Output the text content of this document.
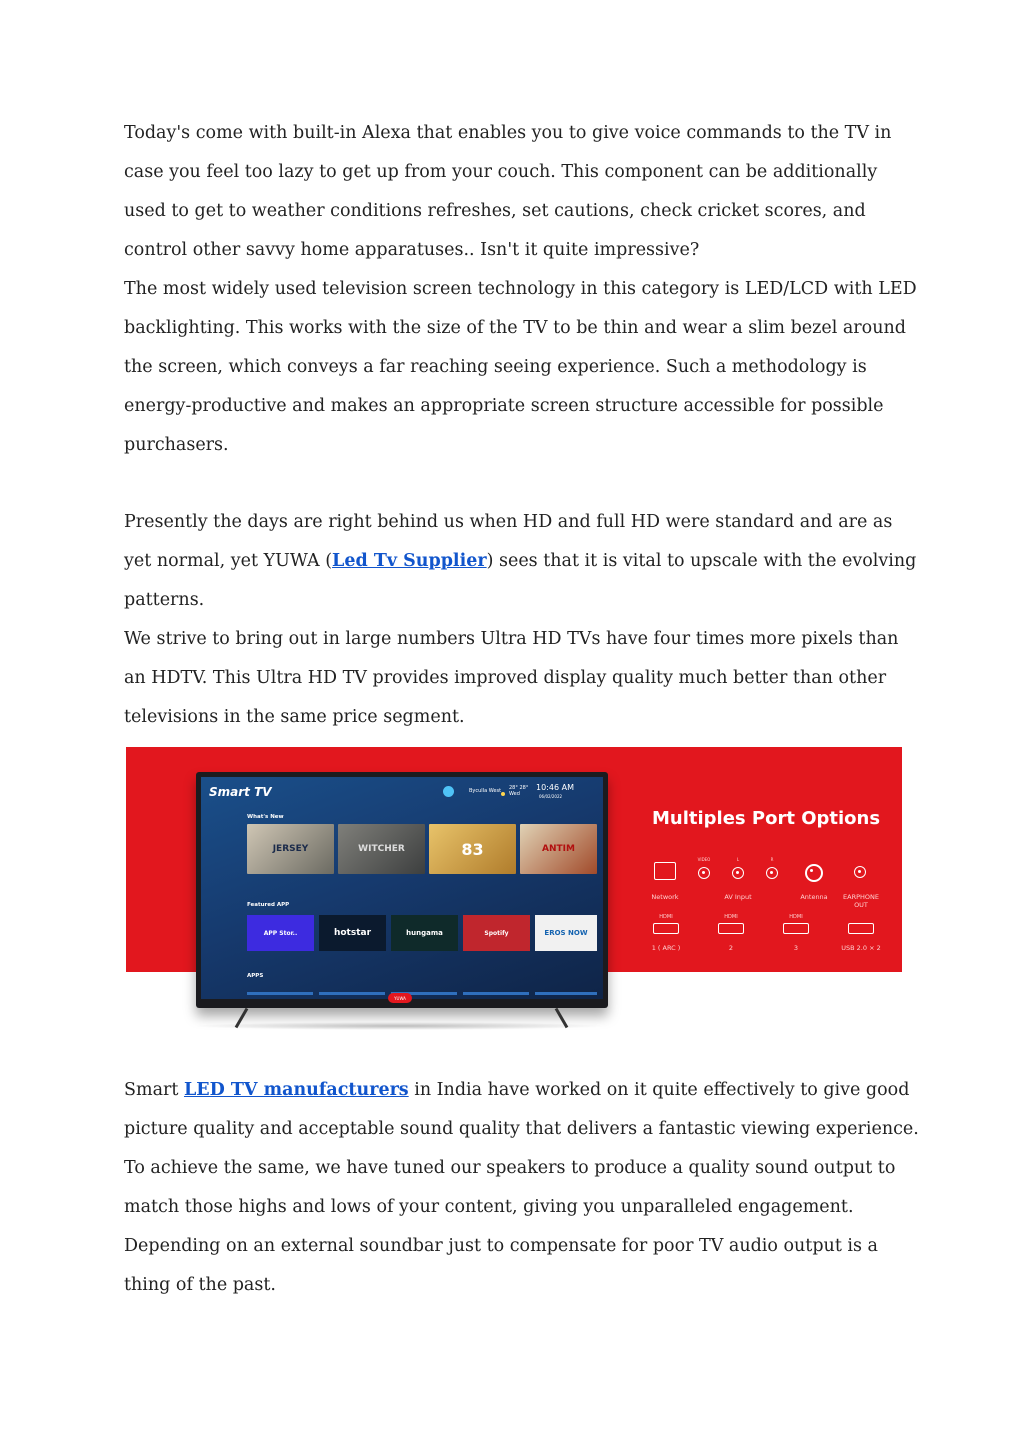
Today's come with built-in Alexa that enables you to give voice commands to the TV in case you feel too lazy to get up from your couch. This component can be additionally used to get to weather conditions refreshes, set cautions, check cricket scores, and control other savvy home apparatuses.. Isn't it quite impressive?

The most widely used television screen technology in this category is LED/LCD with LED backlighting. This works with the size of the TV to be thin and wear a slim bezel around the screen, which conveys a far reaching seeing experience. Such a methodology is energy-productive and makes an appropriate screen structure accessible for possible purchasers.

Presently the days are right behind us when HD and full HD were standard and are as yet normal, yet YUWA (Led Tv Supplier) sees that it is vital to upscale with the evolving patterns.

We strive to bring out in large numbers Ultra HD TVs have four times more pixels than an HDTV. This Ultra HD TV provides improved display quality much better than other televisions in the same price segment.

Smart TV	Byculla West 28° 28°
Wed
10:46 AM
06/02/2022
What's New
JERSEY	WITCHER	83	ANTIM
Featured APP
APP Stor..	hotstar	hungama	Spotify	EROS NOW
APPS
YUWA
Multiples Port Options
Network
VIDEO	L	R
AV Input	Antenna	EARPHONE OUT
HDMI
1 ( ARC )
HDMI
2
HDMI
3	USB 2.0 × 2

Smart LED TV manufacturers in India have worked on it quite effectively to give good picture quality and acceptable sound quality that delivers a fantastic viewing experience. To achieve the same, we have tuned our speakers to produce a quality sound output to match those highs and lows of your content, giving you unparalleled engagement. Depending on an external soundbar just to compensate for poor TV audio output is a thing of the past.
